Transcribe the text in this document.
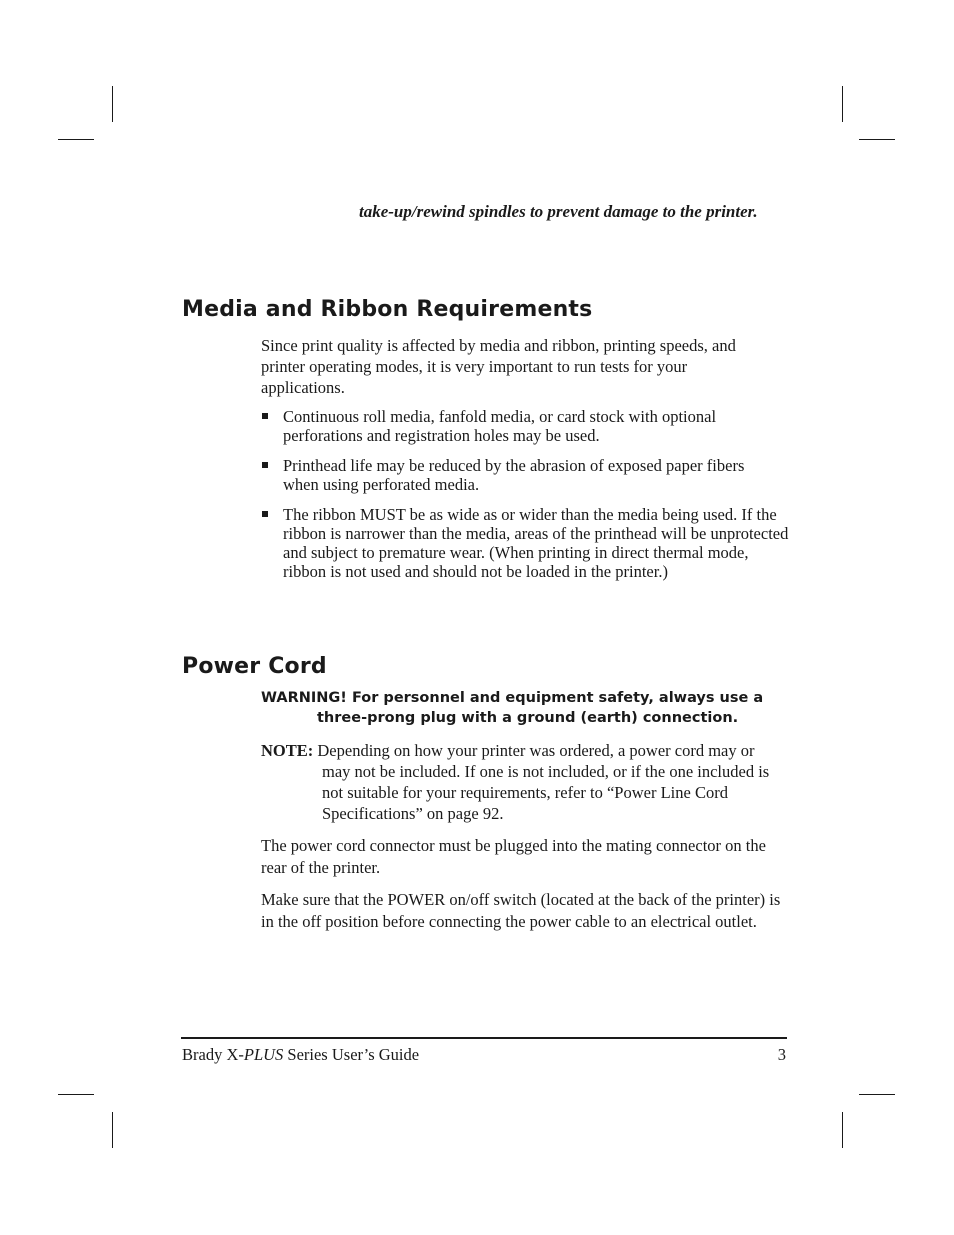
take-up/rewind spindles to prevent damage to the printer.

Media and Ribbon Requirements

Since print quality is affected by media and ribbon, printing speeds, and printer operating modes, it is very important to run tests for your applications.

Continuous roll media, fanfold media, or card stock with optional perforations and registration holes may be used.
Printhead life may be reduced by the abrasion of exposed paper fibers when using perforated media.
The ribbon MUST be as wide as or wider than the media being used. If the ribbon is narrower than the media, areas of the printhead will be unprotected and subject to premature wear. (When printing in direct thermal mode, ribbon is not used and should not be loaded in the printer.)
Power Cord

WARNING! For personnel and equipment safety, always use a
three-prong plug with a ground (earth) connection.

NOTE: Depending on how your printer was ordered, a power cord may or
may not be included. If one is not included, or if the one included is not suitable for your requirements, refer to “Power Line Cord Specifications” on page 92.

The power cord connector must be plugged into the mating connector on the rear of the printer.

Make sure that the POWER on/off switch (located at the back of the printer) is in the off position before connecting the power cable to an electrical outlet.

Brady X-PLUS Series User’s Guide	3
